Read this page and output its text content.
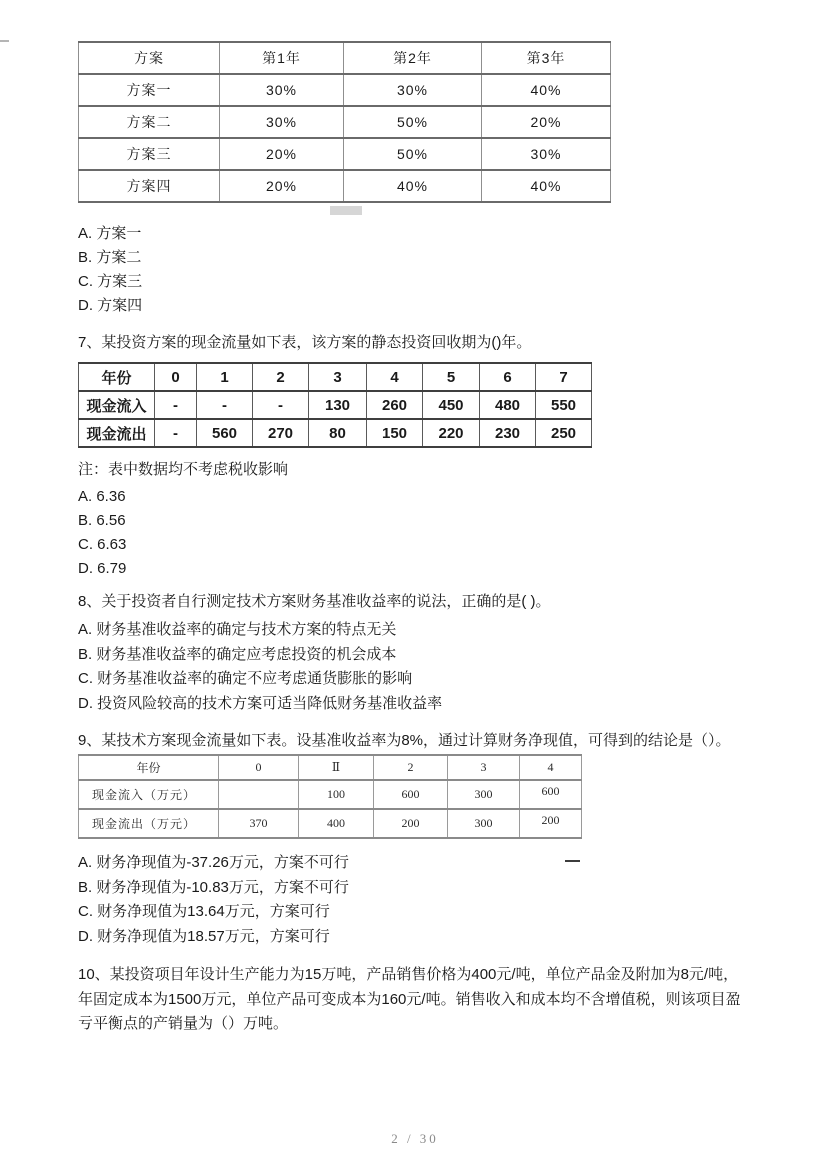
方案	第1年	第2年	第3年
方案一	30%	30%	40%
方案二	30%	50%	20%
方案三	20%	50%	30%
方案四	20%	40%	40%
A. 方案一
B. 方案二
C. 方案三
D. 方案四
7、某投资方案的现金流量如下表，该方案的静态投资回收期为()年。
年份	0	1	2	3	4	5	6	7
现金流入	-	-	-	130	260	450	480	550
现金流出	-	560	270	80	150	220	230	250
注：表中数据均不考虑税收影响
A. 6.36
B. 6.56
C. 6.63
D. 6.79
8、关于投资者自行测定技术方案财务基准收益率的说法，正确的是( )。
A. 财务基准收益率的确定与技术方案的特点无关
B. 财务基准收益率的确定应考虑投资的机会成本
C. 财务基准收益率的确定不应考虑通货膨胀的影响
D. 投资风险较高的技术方案可适当降低财务基准收益率
9、某技术方案现金流量如下表。设基准收益率为8%，通过计算财务净现值，可得到的结论是（）。
年份	0	Ⅱ	2	3	4
现金流入（万元）		100	600	300	600
现金流出（万元）	370	400	200	300	200
A. 财务净现值为-37.26万元，方案不可行
B. 财务净现值为-10.83万元，方案不可行
C. 财务净现值为13.64万元，方案可行
D. 财务净现值为18.57万元，方案可行
10、某投资项目年设计生产能力为15万吨，产品销售价格为400元/吨，单位产品金及附加为8元/吨，年固定成本为1500万元，单位产品可变成本为160元/吨。销售收入和成本均不含增值税，则该项目盈亏平衡点的产销量为（）万吨。
2 / 30
